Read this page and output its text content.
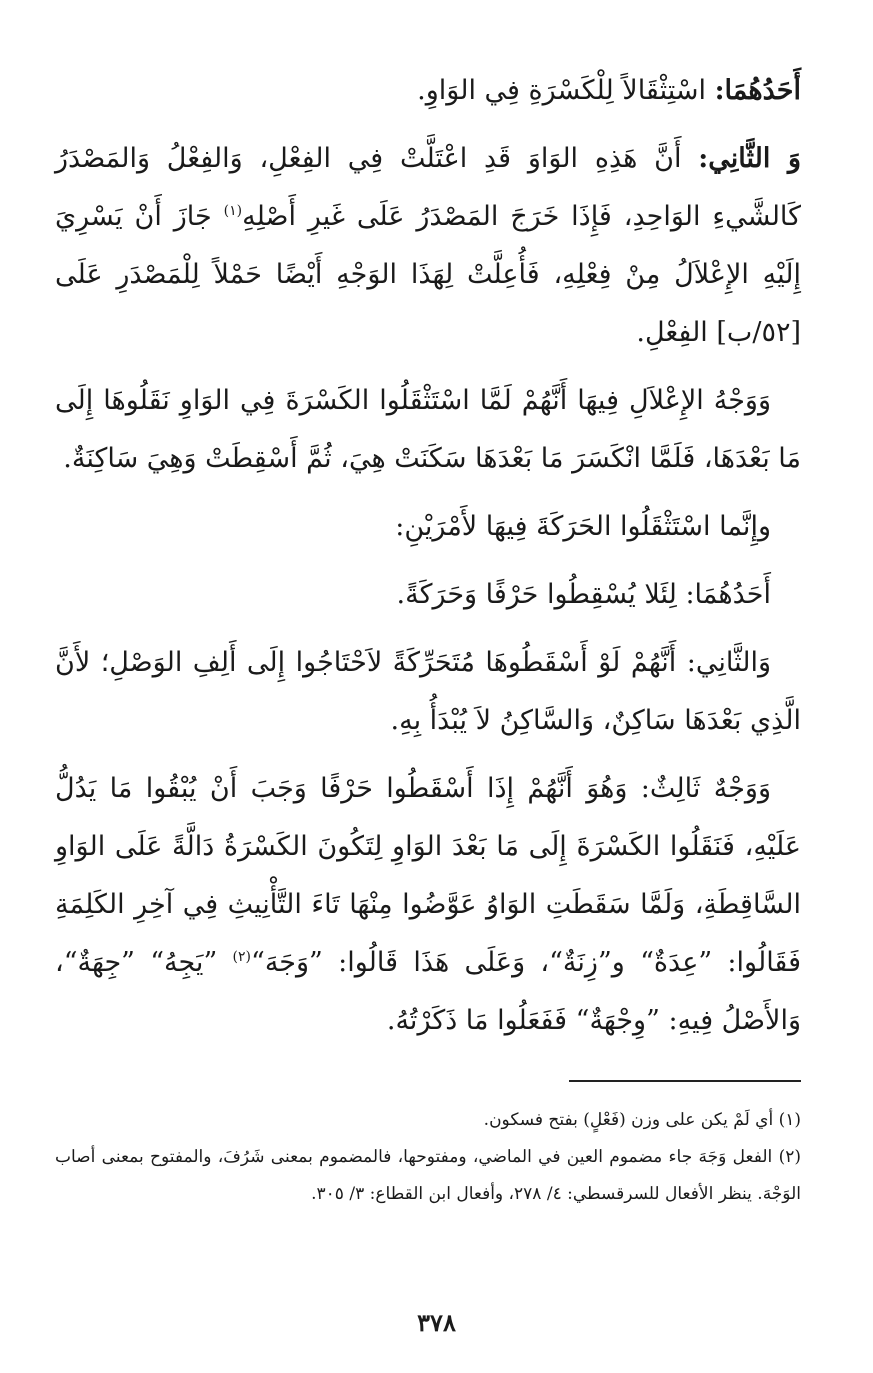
أَحَدُهُمَا: اسْتِثْقَالاً لِلْكَسْرَةِ فِي الوَاوِ.

وَ الثَّانِي: أَنَّ هَذِهِ الوَاوَ قَدِ اعْتَلَّتْ فِي الفِعْلِ، وَالفِعْلُ وَالمَصْدَرُ كَالشَّيءِ الوَاحِدِ، فَإِذَا خَرَجَ المَصْدَرُ عَلَى غَيرِ أَصْلِهِ$^{(١)}$ جَازَ أَنْ يَسْرِيَ إِلَيْهِ الإِعْلاَلُ مِنْ فِعْلِهِ، فَأُعِلَّتْ لِهَذَا الوَجْهِ أَيْضًا حَمْلاً لِلْمَصْدَرِ عَلَى [٥٢/ب] الفِعْلِ.

وَوَجْهُ الإِعْلاَلِ فِيهَا أَنَّهُمْ لَمَّا اسْتَثْقَلُوا الكَسْرَةَ فِي الوَاوِ نَقَلُوهَا إِلَى مَا بَعْدَهَا، فَلَمَّا انْكَسَرَ مَا بَعْدَهَا سَكَنَتْ هِيَ، ثُمَّ أَسْقِطَتْ وَهِيَ سَاكِنَةٌ.

وإِنَّما اسْتَثْقَلُوا الحَرَكَةَ فِيهَا لأَمْرَيْنِ:

أَحَدُهُمَا: لِئَلا يُسْقِطُوا حَرْفًا وَحَرَكَةً.

وَالثَّانِي: أَنَّهُمْ لَوْ أَسْقَطُوهَا مُتَحَرِّكَةً لاَحْتَاجُوا إِلَى أَلِفِ الوَصْلِ؛ لأَنَّ الَّذِي بَعْدَهَا سَاكِنٌ، وَالسَّاكِنُ لاَ يُبْدَأُ بِهِ.

وَوَجْهٌ ثَالِثٌ: وَهُوَ أَنَّهُمْ إِذَا أَسْقَطُوا حَرْفًا وَجَبَ أَنْ يُبْقُوا مَا يَدُلُّ عَلَيْهِ، فَنَقَلُوا الكَسْرَةَ إِلَى مَا بَعْدَ الوَاوِ لِتَكُونَ الكَسْرَةُ دَالَّةً عَلَى الوَاوِ السَّاقِطَةِ، وَلَمَّا سَقَطَتِ الوَاوُ عَوَّضُوا مِنْهَا تَاءَ التَّأْنِيثِ فِي آخِرِ الكَلِمَةِ فَقَالُوا: ”عِدَةٌ“ و”زِنَةٌ“، وَعَلَى هَذَا قَالُوا: ”وَجَهَ“$^{(٢)}$ ”يَجِهُ“ ”جِهَةٌ“، وَالأَصْلُ فِيهِ: ”وِجْهَةٌ“ فَفَعَلُوا مَا ذَكَرْتُهُ.

(١) أي لَمْ يكن على وزن (فَعْلٍ) بفتح فسكون.

(٢) الفعل وَجَهَ جاء مضموم العين في الماضي، ومفتوحها، فالمضموم بمعنى شَرُفَ، والمفتوح بمعنى أصاب الوَجْهَ. ينظر الأفعال للسرقسطي: ٤/ ٢٧٨، وأفعال ابن القطاع: ٣/ ٣٠٥.

٣٧٨
